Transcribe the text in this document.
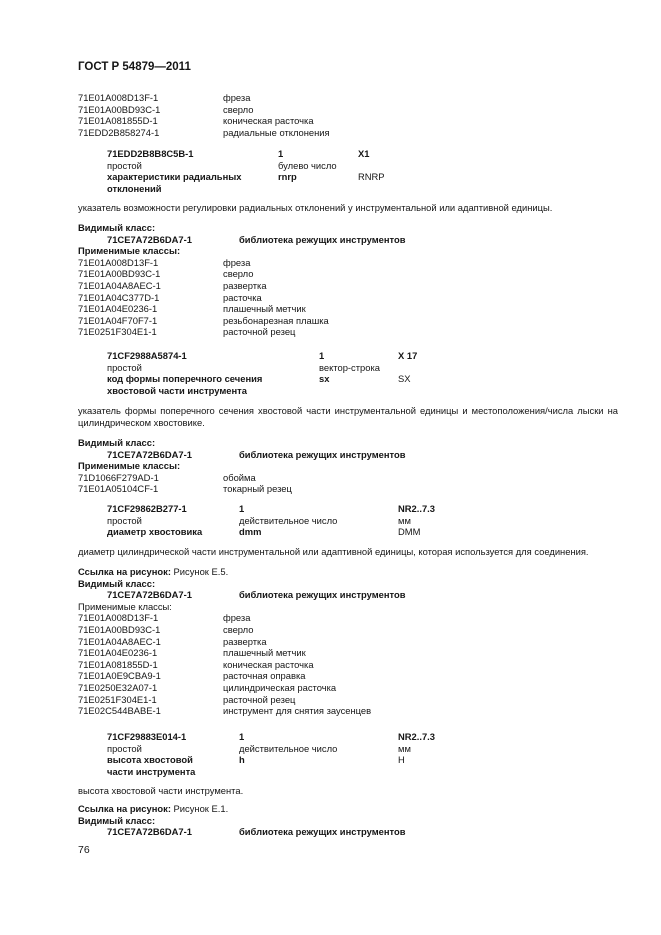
ГОСТ Р 54879—2011
71E01A008D13F-1	фреза
71E01A00BD93C-1	сверло
71E01A081855D-1	коническая расточка
71EDD2B858274-1	радиальные отклонения
71EDD2B8B8C5B-1	1	X1
простой	булево число
характеристики радиальных	rnrp	RNRP
отклонений
указатель возможности регулировки радиальных отклонений у инструментальной или адаптивной единицы.
Видимый класс:
71CE7A72B6DA7-1	библиотека режущих инструментов
Применимые классы:
71E01A008D13F-1	фреза
71E01A00BD93C-1	сверло
71E01A04A8AEC-1	развертка
71E01A04C377D-1	расточка
71E01A04E0236-1	плашечный метчик
71E01A04F70F7-1	резьбонарезная плашка
71E0251F304E1-1	расточной резец
71CF2988A5874-1	1	X 17
простой	вектор-строка
код формы поперечного сечения	sx	SX
хвостовой части инструмента
указатель формы поперечного сечения хвостовой части инструментальной единицы и местоположения/числа лыски на цилиндрическом хвостовике.
Видимый класс:
71CE7A72B6DA7-1	библиотека режущих инструментов
Применимые классы:
71D1066F279AD-1	обойма
71E01A05104CF-1	токарный резец
71CF29862B277-1	1	NR2..7.3
простой	действительное число	мм
диаметр хвостовика	dmm	DMM
диаметр цилиндрической части инструментальной или адаптивной единицы, которая используется для соединения.
Ссылка на рисунок: Рисунок Е.5.
Видимый класс:
71CE7A72B6DA7-1	библиотека режущих инструментов
Применимые классы:
71E01A008D13F-1	фреза
71E01A00BD93C-1	сверло
71E01A04A8AEC-1	развертка
71E01A04E0236-1	плашечный метчик
71E01A081855D-1	коническая расточка
71E01A0E9CBA9-1	расточная оправка
71E0250E32A07-1	цилиндрическая расточка
71E0251F304E1-1	расточной резец
71E02C544BABE-1	инструмент для снятия заусенцев
71CF29883E014-1	1	NR2..7.3
простой	действительное число	мм
высота хвостовой	h	H
части инструмента
высота хвостовой части инструмента.
Ссылка на рисунок: Рисунок Е.1.
Видимый класс:
71CE7A72B6DA7-1	библиотека режущих инструментов
76
